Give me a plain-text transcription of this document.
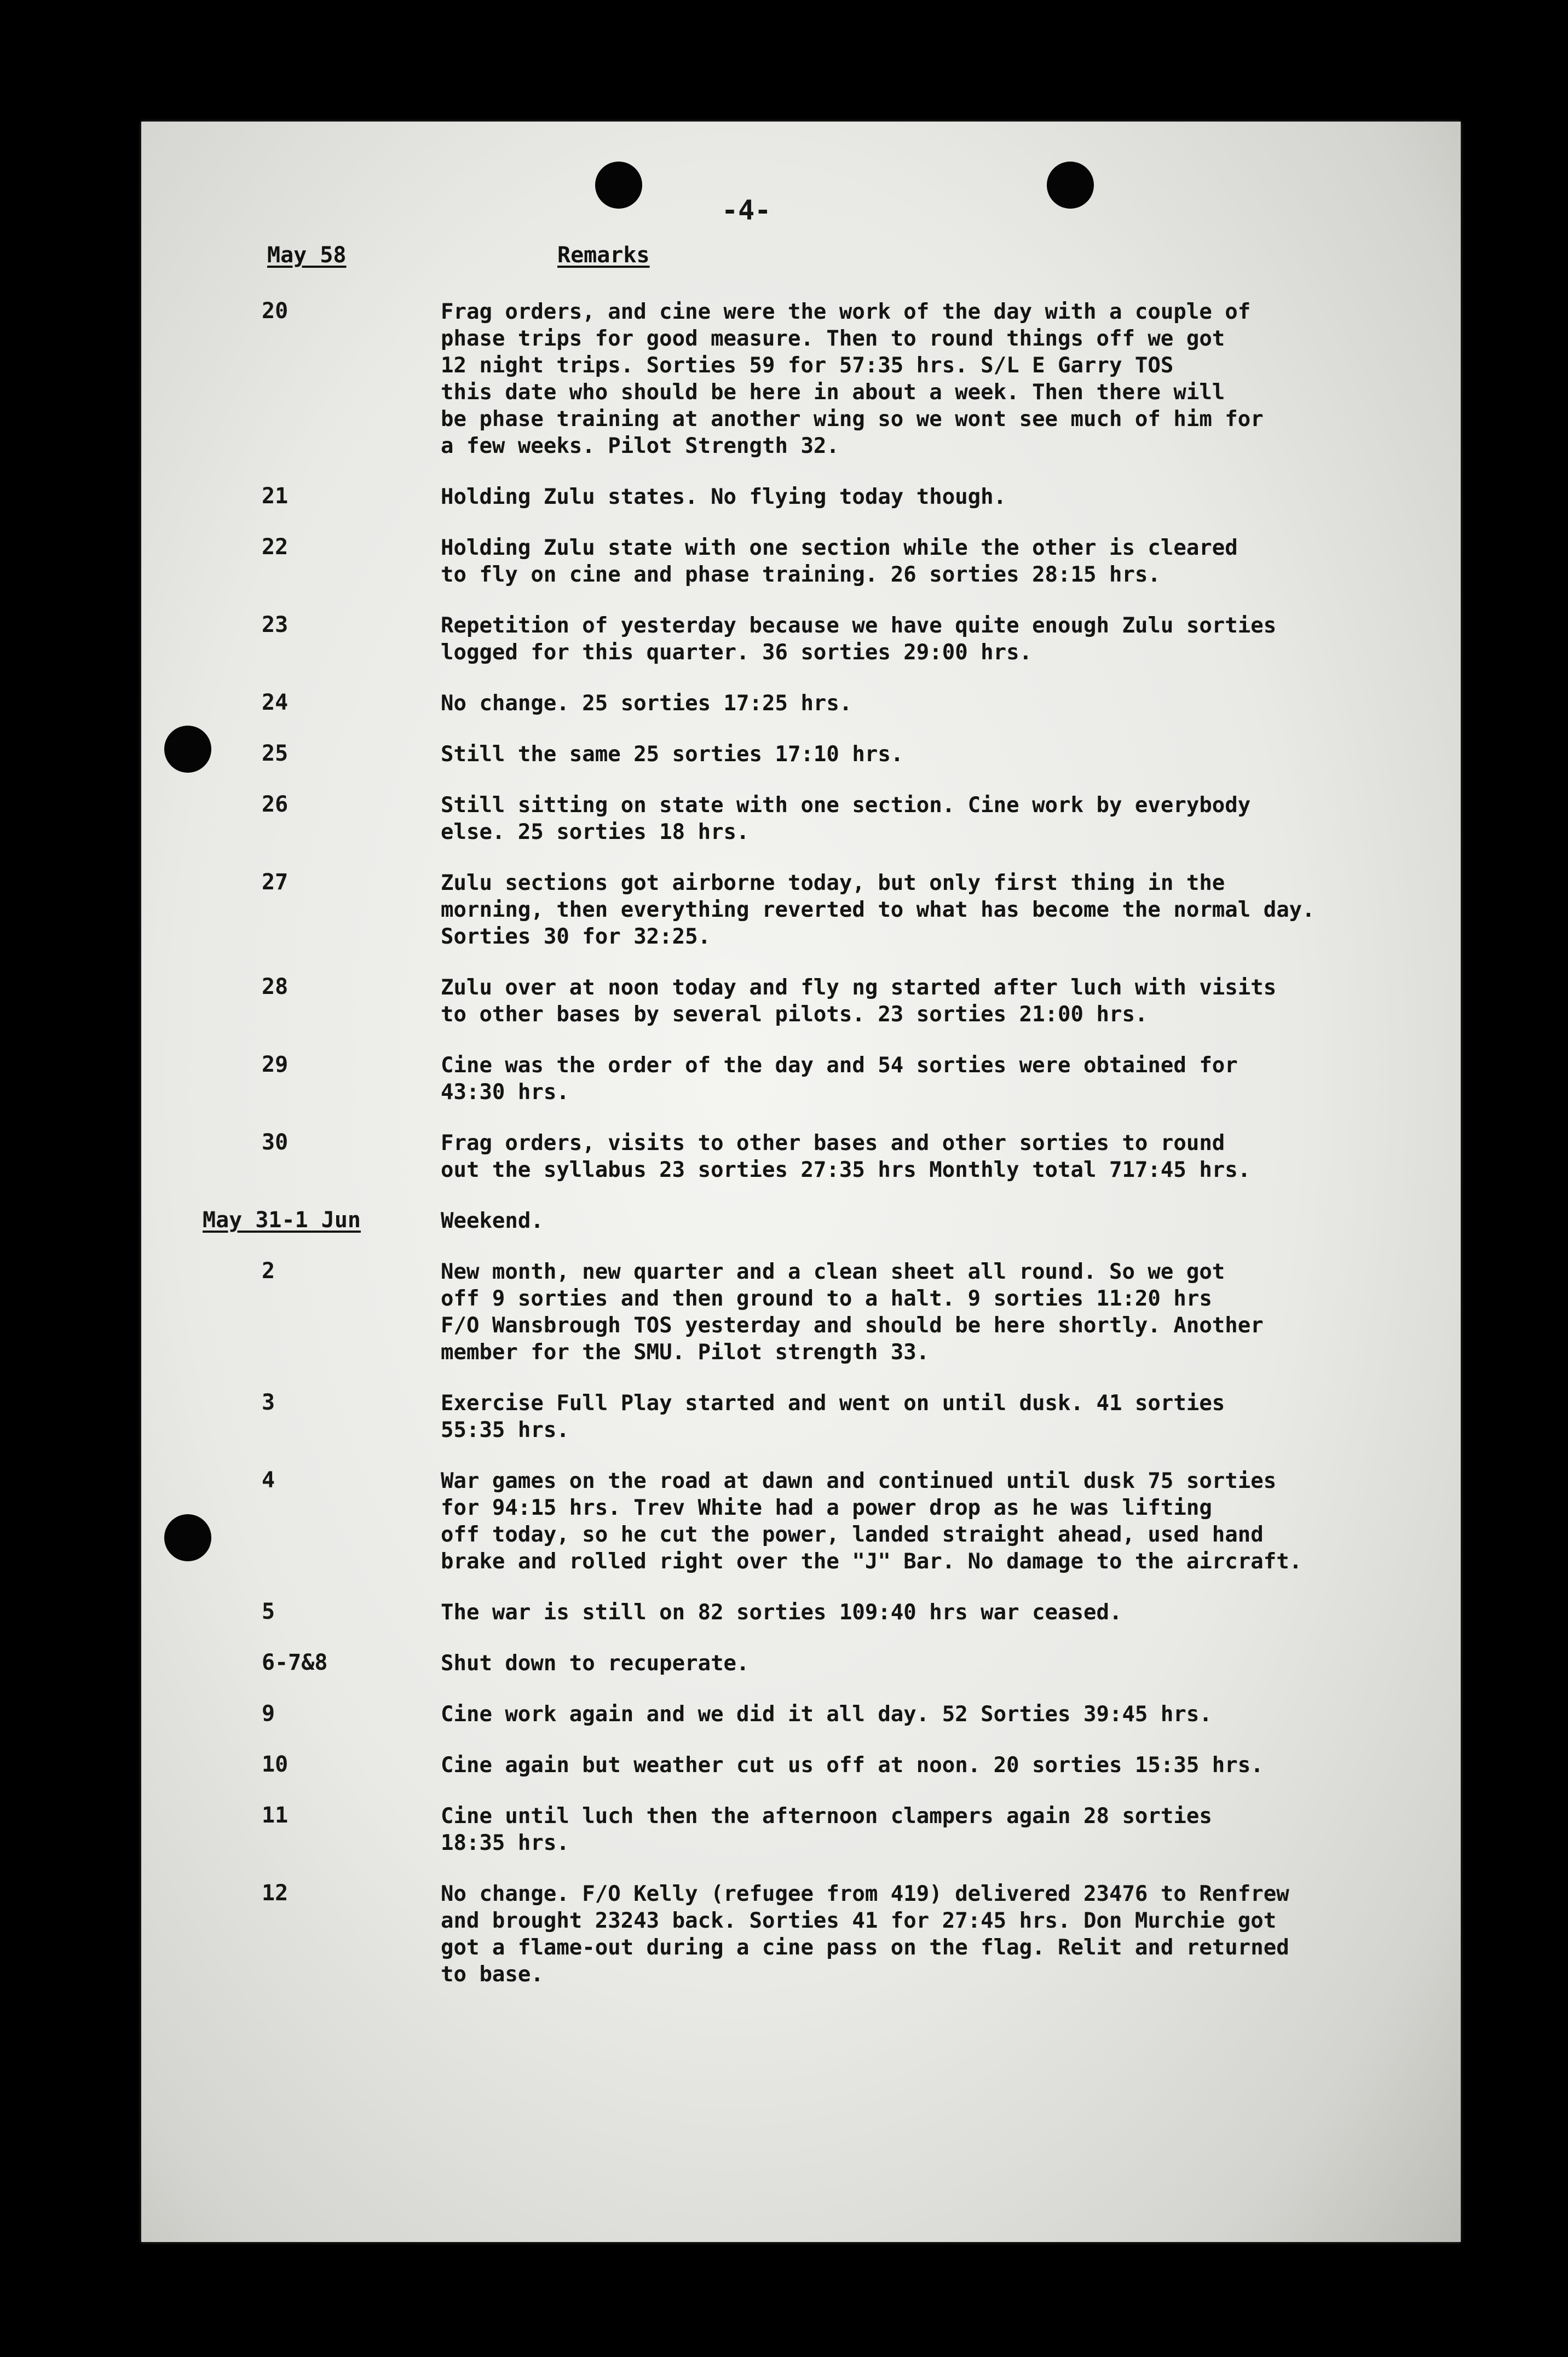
-4-
May 58	Remarks
20	Frag orders, and cine were the work of the day with a couple of
phase trips for good measure. Then to round things off we got
12 night trips. Sorties 59 for 57:35 hrs. S/L E Garry TOS
this date who should be here in about a week. Then there will
be phase training at another wing so we wont see much of him for
a few weeks. Pilot Strength 32.
21	Holding Zulu states. No flying today though.
22	Holding Zulu state with one section while the other is cleared
to fly on cine and phase training. 26 sorties 28:15 hrs.
23	Repetition of yesterday because we have quite enough Zulu sorties
logged for this quarter. 36 sorties 29:00 hrs.
24	No change. 25 sorties 17:25 hrs.
25	Still the same 25 sorties 17:10 hrs.
26	Still sitting on state with one section. Cine work by everybody
else. 25 sorties 18 hrs.
27	Zulu sections got airborne today, but only first thing in the
morning, then everything reverted to what has become the normal day.
Sorties 30 for 32:25.
28	Zulu over at noon today and fly ng started after luch with visits
to other bases by several pilots. 23 sorties 21:00 hrs.
29	Cine was the order of the day and 54 sorties were obtained for
43:30 hrs.
30	Frag orders, visits to other bases and other sorties to round
out the syllabus 23 sorties 27:35 hrs Monthly total 717:45 hrs.
May 31-1 Jun	Weekend.
2	New month, new quarter and a clean sheet all round. So we got
off 9 sorties and then ground to a halt. 9 sorties 11:20 hrs
F/O Wansbrough TOS yesterday and should be here shortly. Another
member for the SMU. Pilot strength 33.
3	Exercise Full Play started and went on until dusk. 41 sorties
55:35 hrs.
4	War games on the road at dawn and continued until dusk 75 sorties
for 94:15 hrs. Trev White had a power drop as he was lifting
off today, so he cut the power, landed straight ahead, used hand
brake and rolled right over the "J" Bar. No damage to the aircraft.
5	The war is still on 82 sorties 109:40 hrs war ceased.
6-7&8	Shut down to recuperate.
9	Cine work again and we did it all day. 52 Sorties 39:45 hrs.
10	Cine again but weather cut us off at noon. 20 sorties 15:35 hrs.
11	Cine until luch then the afternoon clampers again 28 sorties
18:35 hrs.
12	No change. F/O Kelly (refugee from 419) delivered 23476 to Renfrew
and brought 23243 back. Sorties 41 for 27:45 hrs. Don Murchie got
got a flame-out during a cine pass on the flag. Relit and returned
to base.
